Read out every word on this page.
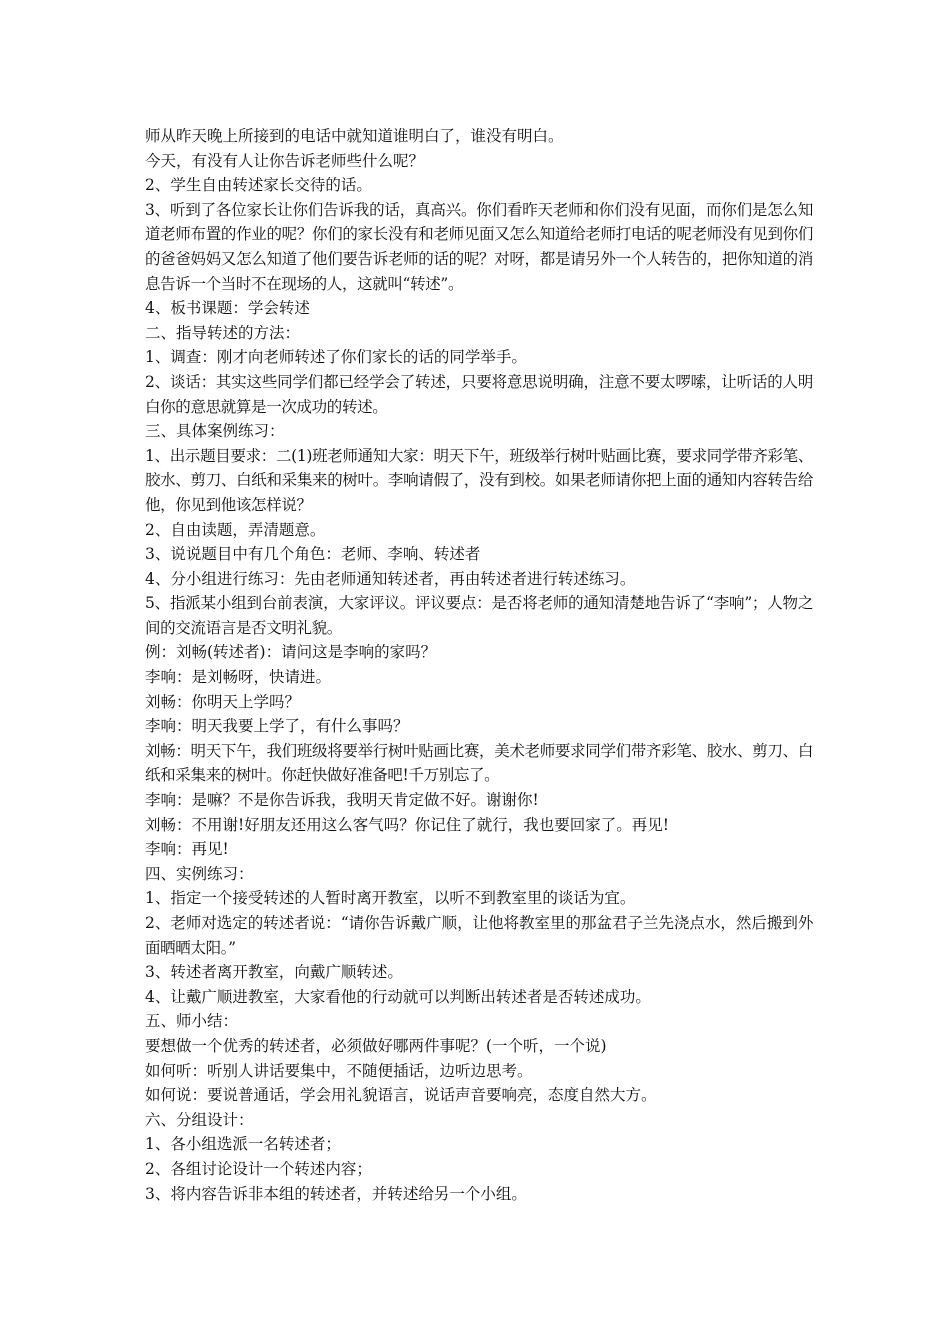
师从昨天晚上所接到的电话中就知道谁明白了，谁没有明白。

今天，有没有人让你告诉老师些什么呢？

2、学生自由转述家长交待的话。

3、听到了各位家长让你们告诉我的话，真高兴。你们看昨天老师和你们没有见面，而你们是怎么知道老师布置的作业的呢？你们的家长没有和老师见面又怎么知道给老师打电话的呢老师没有见到你们的爸爸妈妈又怎么知道了他们要告诉老师的话的呢？对呀，都是请另外一个人转告的，把你知道的消息告诉一个当时不在现场的人，这就叫“转述”。

4、板书课题：学会转述

二、指导转述的方法：

1、调查：刚才向老师转述了你们家长的话的同学举手。

2、谈话：其实这些同学们都已经学会了转述，只要将意思说明确，注意不要太啰嗦，让听话的人明白你的意思就算是一次成功的转述。

三、具体案例练习：

1、出示题目要求：二(1)班老师通知大家：明天下午，班级举行树叶贴画比赛，要求同学带齐彩笔、胶水、剪刀、白纸和采集来的树叶。李响请假了，没有到校。如果老师请你把上面的通知内容转告给他，你见到他该怎样说？

2、自由读题，弄清题意。

3、说说题目中有几个角色：老师、李响、转述者

4、分小组进行练习：先由老师通知转述者，再由转述者进行转述练习。

5、指派某小组到台前表演，大家评议。评议要点：是否将老师的通知清楚地告诉了“李响”；人物之间的交流语言是否文明礼貌。

例：刘畅(转述者)：请问这是李响的家吗？

李响：是刘畅呀，快请进。

刘畅：你明天上学吗？

李响：明天我要上学了，有什么事吗？

刘畅：明天下午，我们班级将要举行树叶贴画比赛，美术老师要求同学们带齐彩笔、胶水、剪刀、白纸和采集来的树叶。你赶快做好准备吧!千万别忘了。

李响：是嘛？不是你告诉我，我明天肯定做不好。谢谢你!

刘畅：不用谢!好朋友还用这么客气吗？你记住了就行，我也要回家了。再见!

李响：再见!

四、实例练习：

1、指定一个接受转述的人暂时离开教室，以听不到教室里的谈话为宜。

2、老师对选定的转述者说：“请你告诉戴广顺，让他将教室里的那盆君子兰先浇点水，然后搬到外面晒晒太阳。”

3、转述者离开教室，向戴广顺转述。

4、让戴广顺进教室，大家看他的行动就可以判断出转述者是否转述成功。

五、师小结：

要想做一个优秀的转述者，必须做好哪两件事呢？(一个听，一个说)

如何听：听别人讲话要集中，不随便插话，边听边思考。

如何说：要说普通话，学会用礼貌语言，说话声音要响亮，态度自然大方。

六、分组设计：

1、各小组选派一名转述者；

2、各组讨论设计一个转述内容；

3、将内容告诉非本组的转述者，并转述给另一个小组。
